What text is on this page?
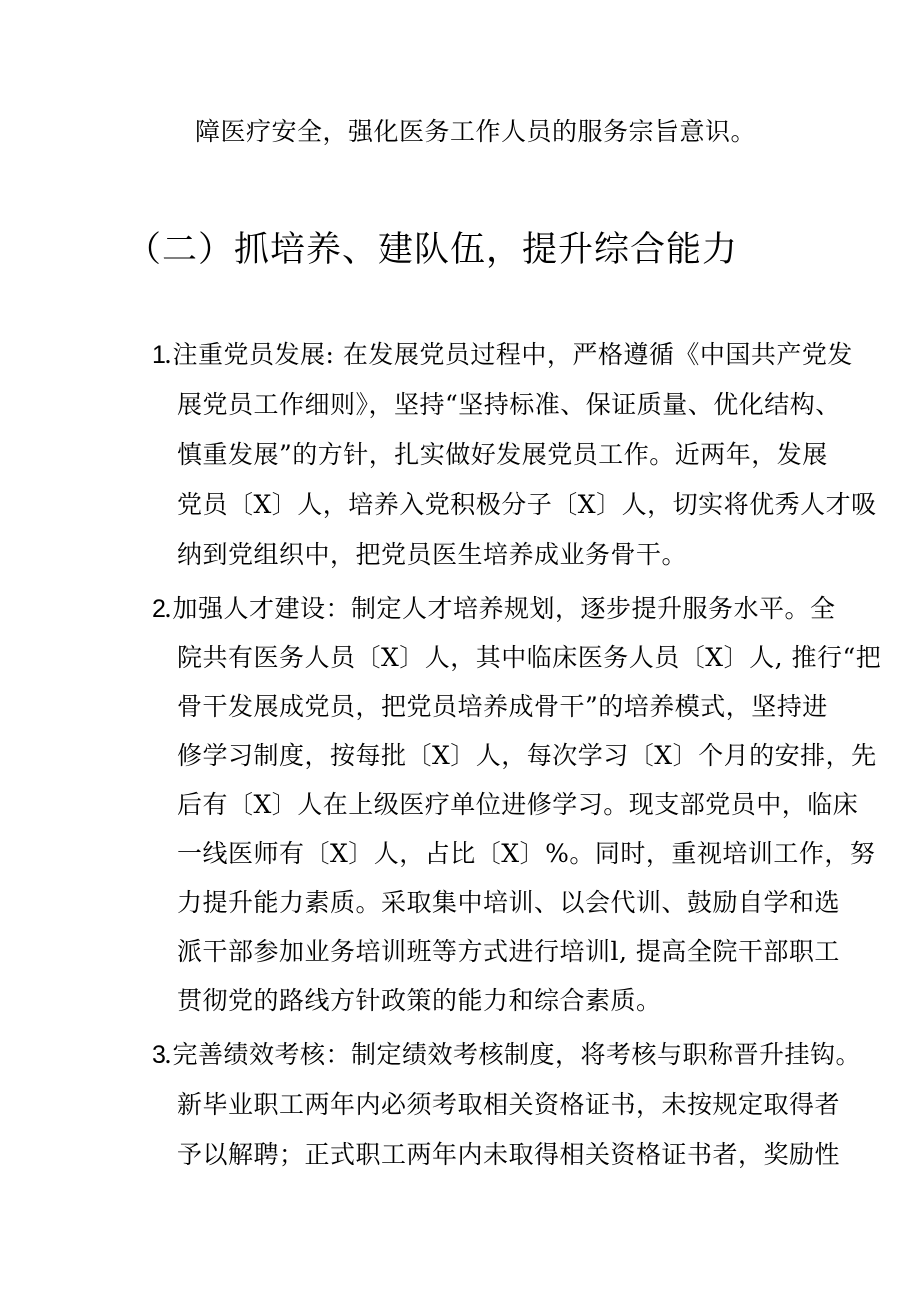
障医疗安全，强化医务工作人员的服务宗旨意识。
（二）抓培养、建队伍，提升综合能力
1
.注重党员发展: 在发展党员过程中，严格遵循《中国共产党发
展党员工作细则》，坚持“坚持标准、保证质量、优化结构、
慎重发展”的方针，扎实做好发展党员工作。近两年，发展
党员〔X〕人，培养入党积极分子〔X〕人，切实将优秀人才吸
纳到党组织中，把党员医生培养成业务骨干。
2
.加强人才建设：制定人才培养规划，逐步提升服务水平。全
院共有医务人员〔X〕人，其中临床医务人员〔X〕人, 推行“把
骨干发展成党员，把党员培养成骨干”的培养模式，坚持进
修学习制度，按每批〔X〕人，每次学习〔X〕个月的安排，先
后有〔X〕人在上级医疗单位进修学习。现支部党员中，临床
一线医师有〔X〕人，占比〔X〕%。同时，重视培训工作，努
力提升能力素质。采取集中培训、以会代训、鼓励自学和选
派干部参加业务培训班等方式进行培训l, 提高全院干部职工
贯彻党的路线方针政策的能力和综合素质。
3
.完善绩效考核：制定绩效考核制度，将考核与职称晋升挂钩。
新毕业职工两年内必须考取相关资格证书，未按规定取得者
予以解聘；正式职工两年内未取得相关资格证书者，奖励性
